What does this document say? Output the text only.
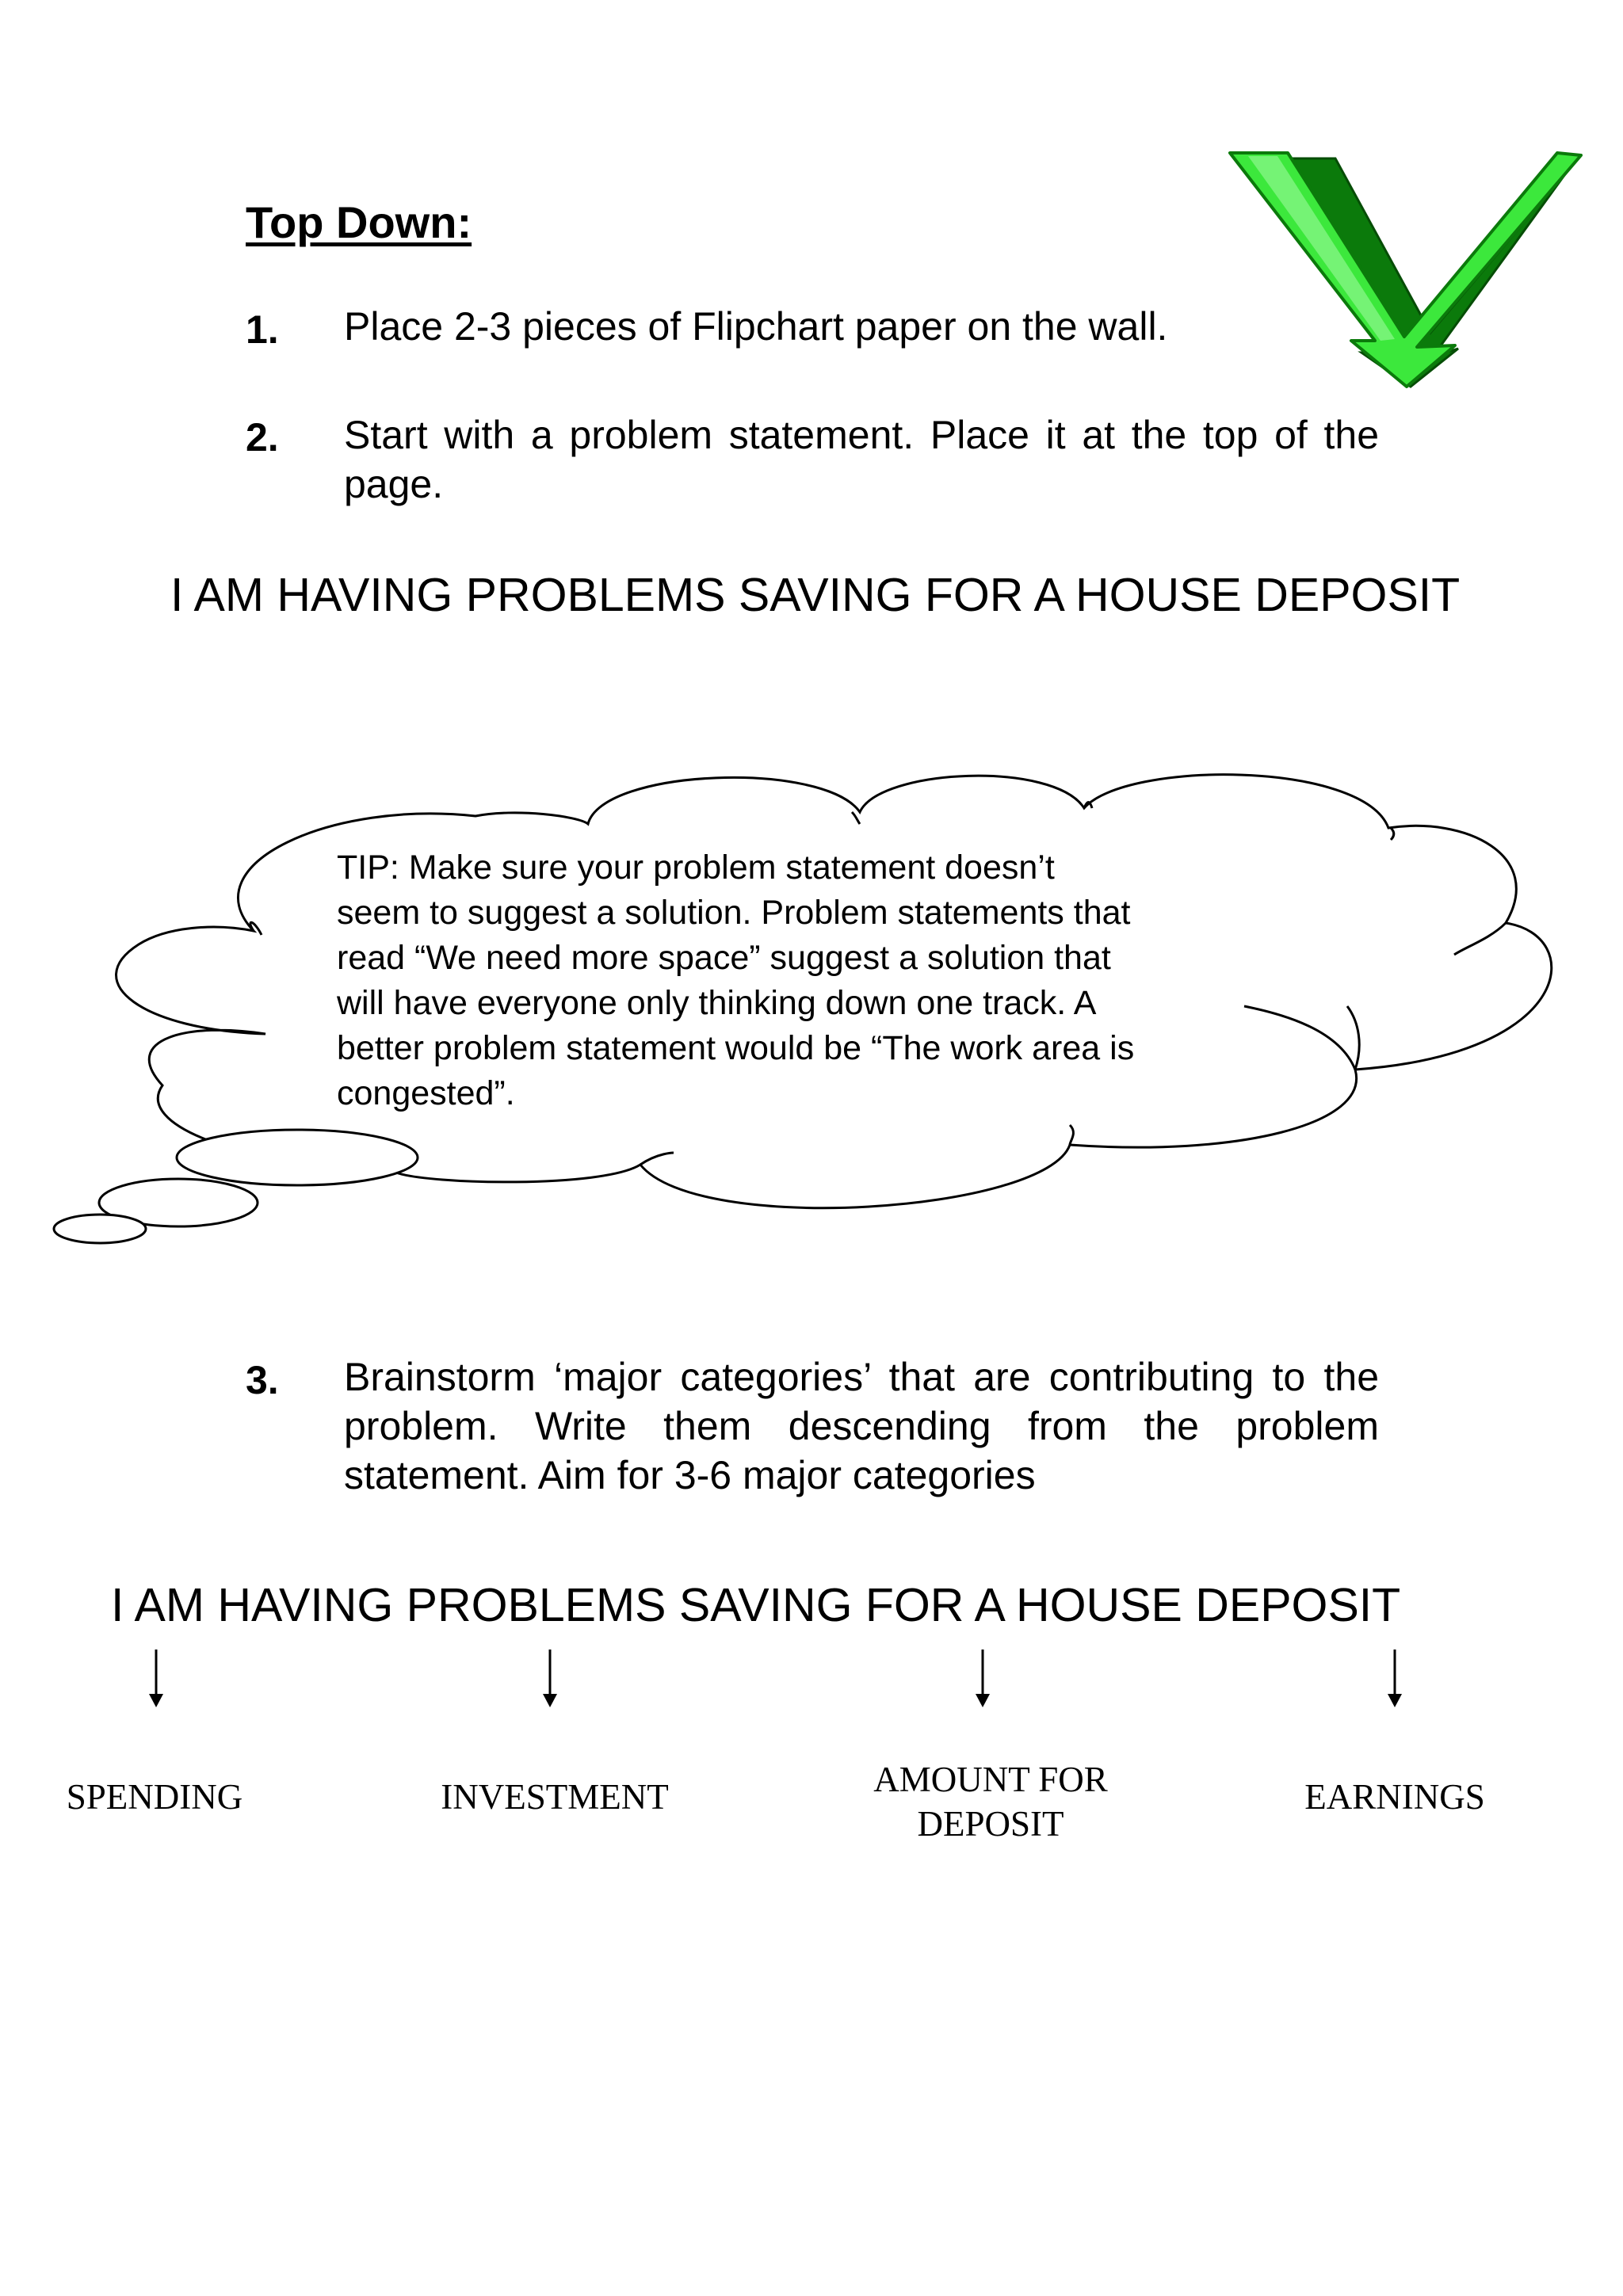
Top Down:
1. Place 2-3 pieces of Flipchart paper on the wall.
2. Start with a problem statement. Place it at the top of the page.
I AM HAVING PROBLEMS SAVING FOR A HOUSE DEPOSIT
TIP: Make sure your problem statement doesn’t
seem to suggest a solution. Problem statements that
read “We need more space” suggest a solution that
will have everyone only thinking down one track. A
better problem statement would be “The work area is
congested”.
3. Brainstorm ‘major categories’ that are contributing to the problem. Write them descending from the problem statement. Aim for 3-6 major categories
I AM HAVING PROBLEMS SAVING FOR A HOUSE DEPOSIT
SPENDING	INVESTMENT	AMOUNT FOR
DEPOSIT
EARNINGS
